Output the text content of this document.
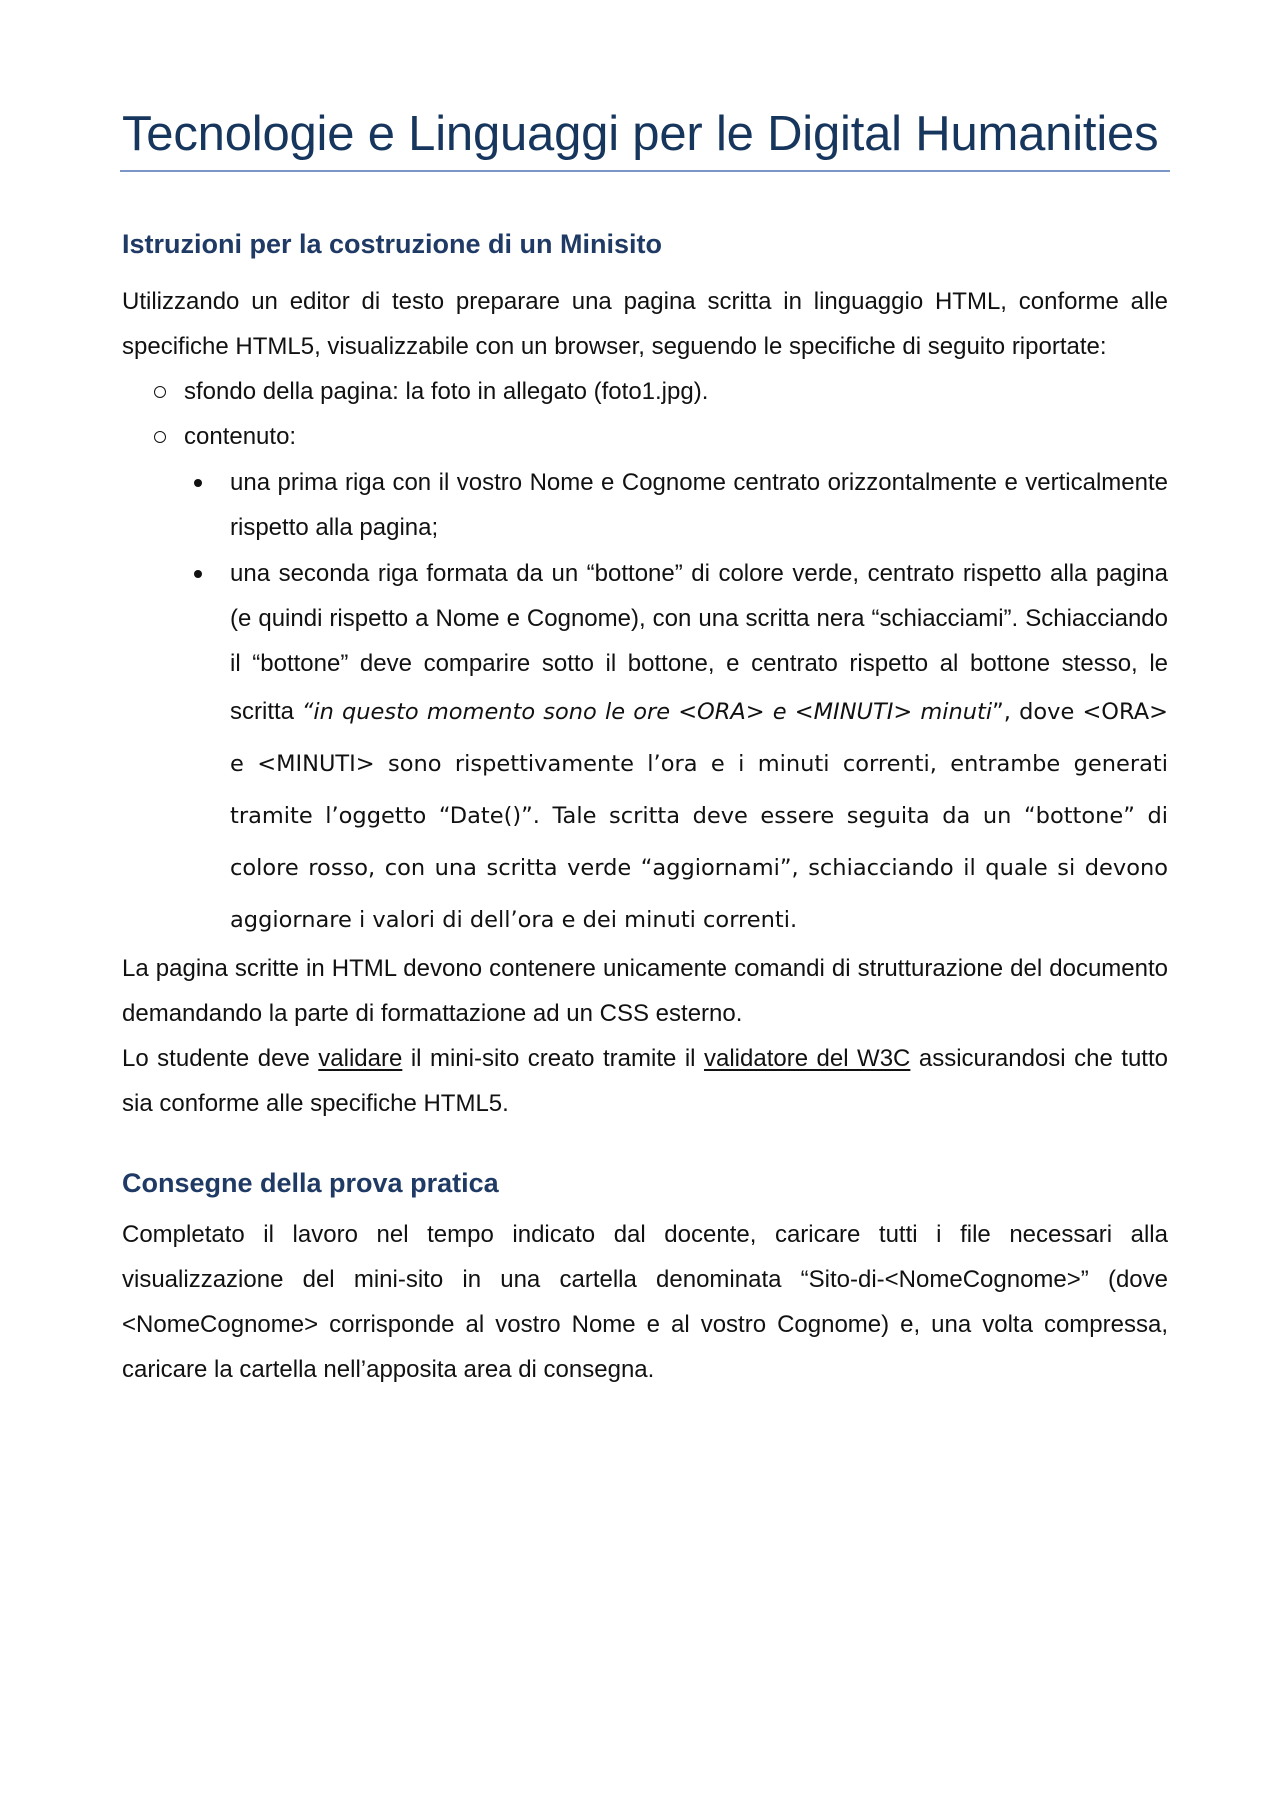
Tecnologie e Linguaggi per le Digital Humanities
Istruzioni per la costruzione di un Minisito

Utilizzando un editor di testo preparare una pagina scritta in linguaggio HTML, conforme alle specifiche HTML5, visualizzabile con un browser, seguendo le specifiche di seguito riportate:

sfondo della pagina: la foto in allegato (foto1.jpg).
contenuto:
una prima riga con il vostro Nome e Cognome centrato orizzontalmente e verticalmente rispetto alla pagina;
una seconda riga formata da un “bottone” di colore verde, centrato rispetto alla pagina (e quindi rispetto a Nome e Cognome), con una scritta nera “schiacciami”. Schiacciando il “bottone” deve comparire sotto il bottone, e centrato rispetto al bottone stesso, le scritta “in questo momento sono le ore <ORA> e <MINUTI> minuti”, dove <ORA> e <MINUTI> sono rispettivamente l’ora e i minuti correnti, entrambe generati tramite l’oggetto “Date()”. Tale scritta deve essere seguita da un “bottone” di colore rosso, con una scritta verde “aggiornami”, schiacciando il quale si devono aggiornare i valori di dell’ora e dei minuti correnti.

La pagina scritte in HTML devono contenere unicamente comandi di strutturazione del documento demandando la parte di formattazione ad un CSS esterno.

Lo studente deve validare il mini-sito creato tramite il validatore del W3C assicurandosi che tutto sia conforme alle specifiche HTML5.

Consegne della prova pratica

Completato il lavoro nel tempo indicato dal docente, caricare tutti i file necessari alla visualizzazione del mini-sito in una cartella denominata “Sito-di-<NomeCognome>” (dove <NomeCognome> corrisponde al vostro Nome e al vostro Cognome) e, una volta compressa, caricare la cartella nell’apposita area di consegna.
